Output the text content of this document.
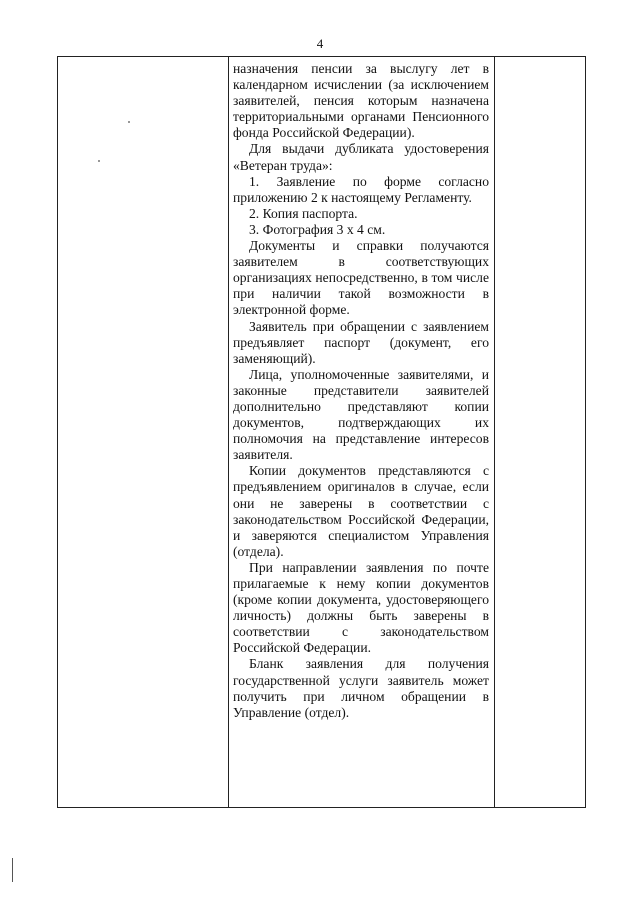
4

назначения пенсии за выслугу лет в календарном исчислении (за исключением заявителей, пенсия которым назначена территориальными органами Пенсионного фонда Российской Федерации).

Для выдачи дубликата удостоверения «Ветеран труда»:

1. Заявление по форме согласно приложению 2 к настоящему Регламенту.

2. Копия паспорта.

3. Фотография 3 х 4 см.

Документы и справки получаются заявителем в соответствующих организациях непосредственно, в том числе при наличии такой возможности в электронной форме.

Заявитель при обращении с заявлением предъявляет паспорт (документ, его заменяющий).

Лица, уполномоченные заявителями, и законные представители заявителей дополнительно представляют копии документов, подтверждающих их полномочия на представление интересов заявителя.

Копии документов представляются с предъявлением оригиналов в случае, если они не заверены в соответствии с законодательством Российской Федерации, и заверяются специалистом Управления (отдела).

При направлении заявления по почте прилагаемые к нему копии документов (кроме копии документа, удостоверяющего личность) должны быть заверены в соответствии с законодательством Российской Федерации.

Бланк заявления для получения государственной услуги заявитель может получить при личном обращении в Управление (отдел).
